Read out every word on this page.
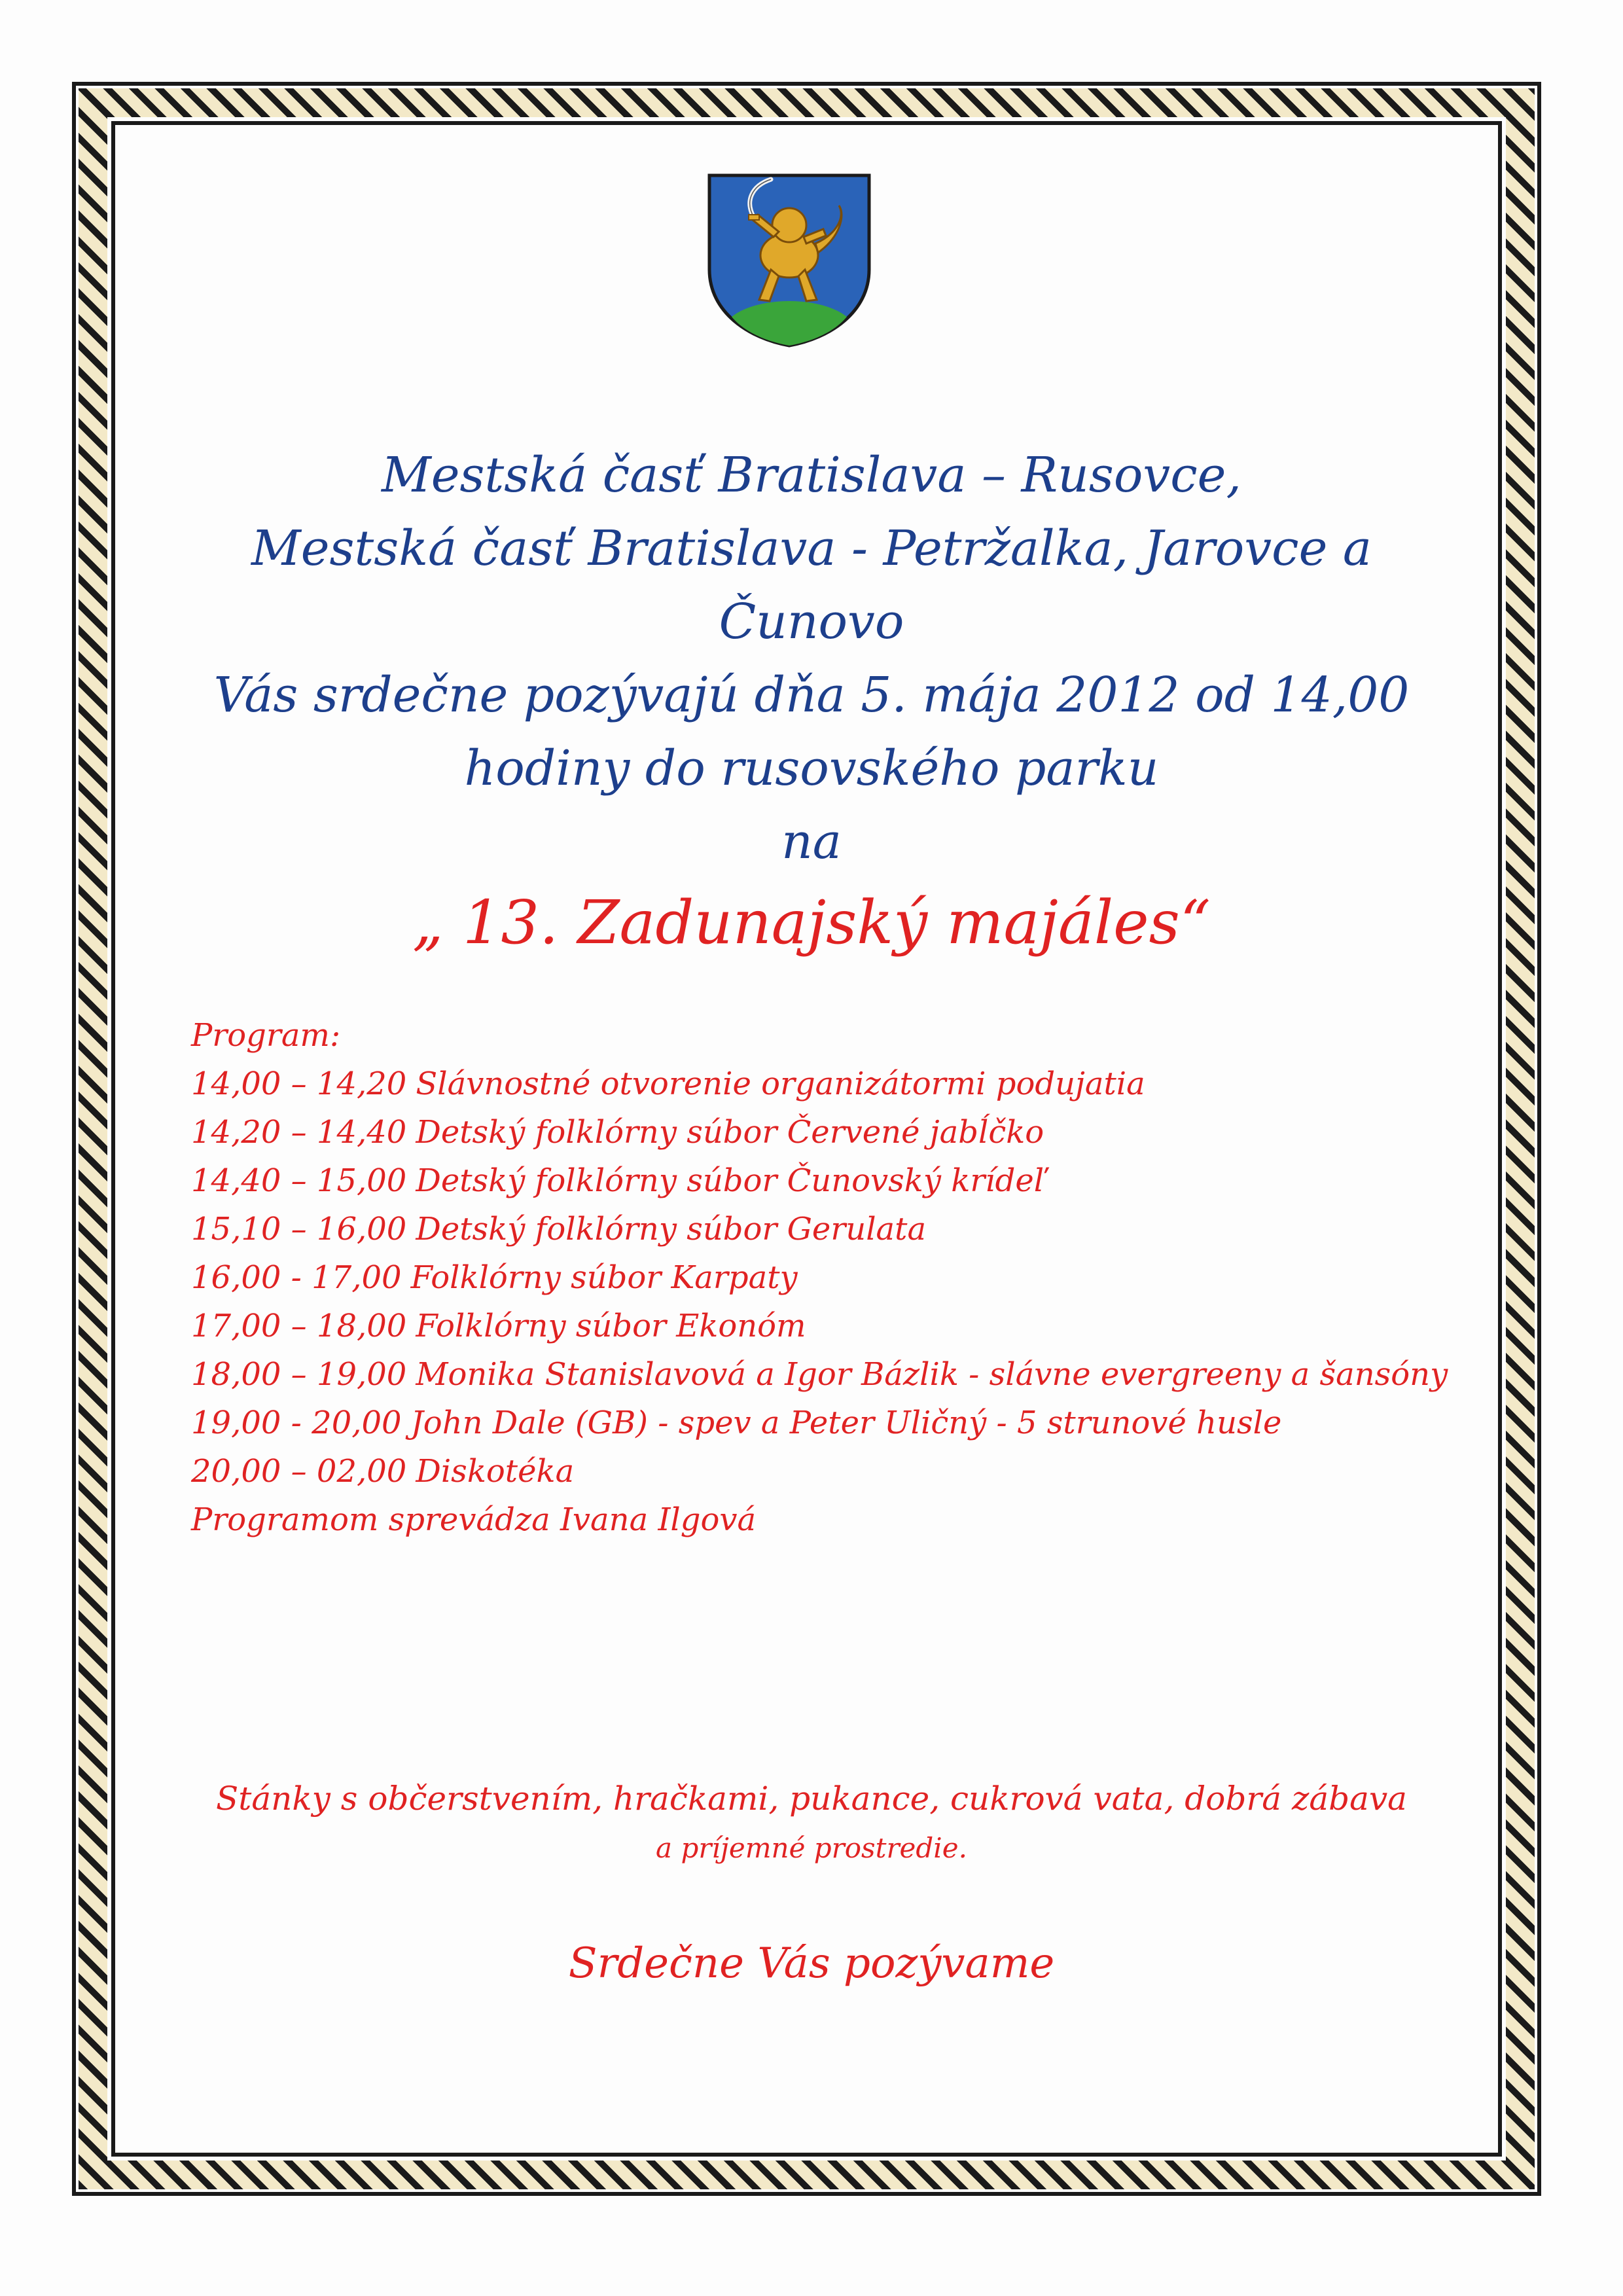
Mestská časť Bratislava – Rusovce,
Mestská časť Bratislava - Petržalka, Jarovce a
Čunovo
Vás srdečne pozývajú dňa 5. mája 2012 od 14,00
hodiny do rusovského parku
na
„ 13. Zadunajský majáles“
Program:
14,00 – 14,20 Slávnostné otvorenie organizátormi podujatia
14,20 – 14,40 Detský folklórny súbor Červené jabĺčko
14,40 – 15,00 Detský folklórny súbor Čunovský krídeľ
15,10 – 16,00 Detský folklórny súbor Gerulata
16,00 - 17,00 Folklórny súbor Karpaty
17,00 – 18,00 Folklórny súbor Ekonóm
18,00 – 19,00 Monika Stanislavová a Igor Bázlik - slávne evergreeny a šansóny
19,00 - 20,00 John Dale (GB) - spev a Peter Uličný - 5 strunové husle
20,00 – 02,00 Diskotéka
Programom sprevádza Ivana Ilgová
Stánky s občerstvením, hračkami, pukance, cukrová vata, dobrá zábava
a príjemné prostredie.
Srdečne Vás pozývame
